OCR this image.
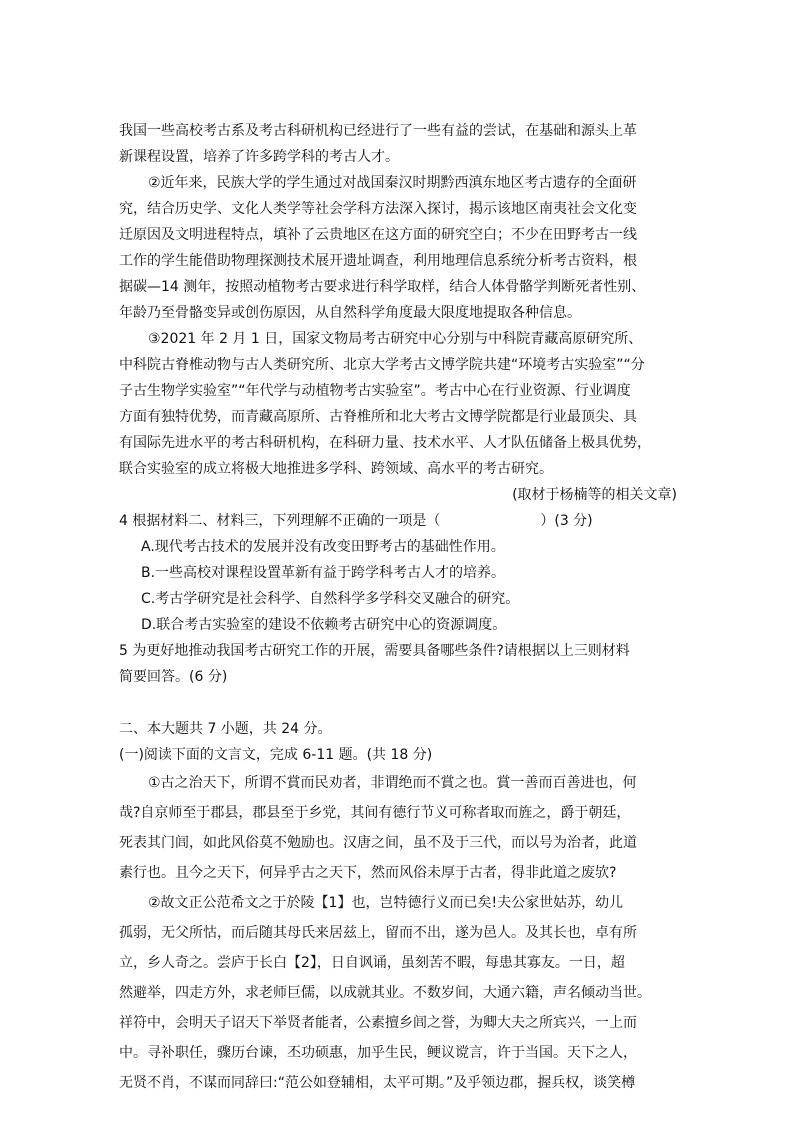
我国一些高校考古系及考古科研机构已经进行了一些有益的尝试，在基础和源头上革
新课程设置，培养了许多跨学科的考古人才。
②近年来，民族大学的学生通过对战国秦汉时期黔西滇东地区考古遗存的全面研
究，结合历史学、文化人类学等社会学科方法深入探讨，揭示该地区南夷社会文化变
迁原因及文明进程特点，填补了云贵地区在这方面的研究空白；不少在田野考古一线
工作的学生能借助物理探测技术展开遗址调查，利用地理信息系统分析考古资料，根
据碳—14 测年，按照动植物考古要求进行科学取样，结合人体骨骼学判断死者性别、
年龄乃至骨骼变异或创伤原因，从自然科学角度最大限度地提取各种信息。
③2021 年 2 月 1 日，国家文物局考古研究中心分别与中科院青藏高原研究所、
中科院古脊椎动物与古人类研究所、北京大学考古文博学院共建“环境考古实验室”“分
子古生物学实验室”“年代学与动植物考古实验室”。考古中心在行业资源、行业调度
方面有独特优势，而青藏高原所、古脊椎所和北大考古文博学院都是行业最顶尖、具
有国际先进水平的考古科研机构，在科研力量、技术水平、人才队伍储备上极具优势，
联合实验室的成立将极大地推进多学科、跨领域、高水平的考古研究。
(取材于杨楠等的相关文章)
4 根据材料二、材料三，下列理解不正确的一项是（	）(3 分)
A.现代考古技术的发展并没有改变田野考古的基础性作用。
B.一些高校对课程设置革新有益于跨学科考古人才的培养。
C.考古学研究是社会科学、自然科学多学科交叉融合的研究。
D.联合考古实验室的建设不依赖考古研究中心的资源调度。
5 为更好地推动我国考古研究工作的开展，需要具备哪些条件?请根据以上三则材料
简要回答。(6 分)
二、本大题共 7 小题，共 24 分。
(一)阅读下面的文言文，完成 6-11 题。(共 18 分)
①古之治天下，所谓不賞而民劝者，非谓绝而不賞之也。賞一善而百善进也，何
哉?自京师至于郡县，郡县至于乡党，其间有德行节义可称者取而旌之，爵于朝廷，
死表其门闾，如此风俗莫不勉励也。汉唐之间，虽不及于三代，而以号为治者，此道
素行也。且今之天下，何异乎古之天下，然而风俗未厚于古者，得非此道之废欤?
②故文正公范希文之于於陵【1】也，岂特德行义而已矣!夫公家世姑苏，幼儿
孤弱，无父所怙，而后随其母氏来居兹上，留而不出，遂为邑人。及其长也，卓有所
立，乡人奇之。尝庐于长白【2】，日自讽诵，虽刻苦不暇，每患其寡友。一日，超
然避举，四走方外，求老师巨儒，以成就其业。不数岁间，大通六籍，声名倾动当世。
祥符中，会明天子诏天下举贤者能者，公素擅乡闾之誉，为卿大夫之所宾兴，一上而
中。寻补职任，骤历台谏，丕功硕惠，加乎生民，鲠议谠言，许于当国。天下之人，
无贤不肖，不谋而同辞曰:“范公如登辅相，太平可期。”及乎领边郡，握兵权，谈笑樽
